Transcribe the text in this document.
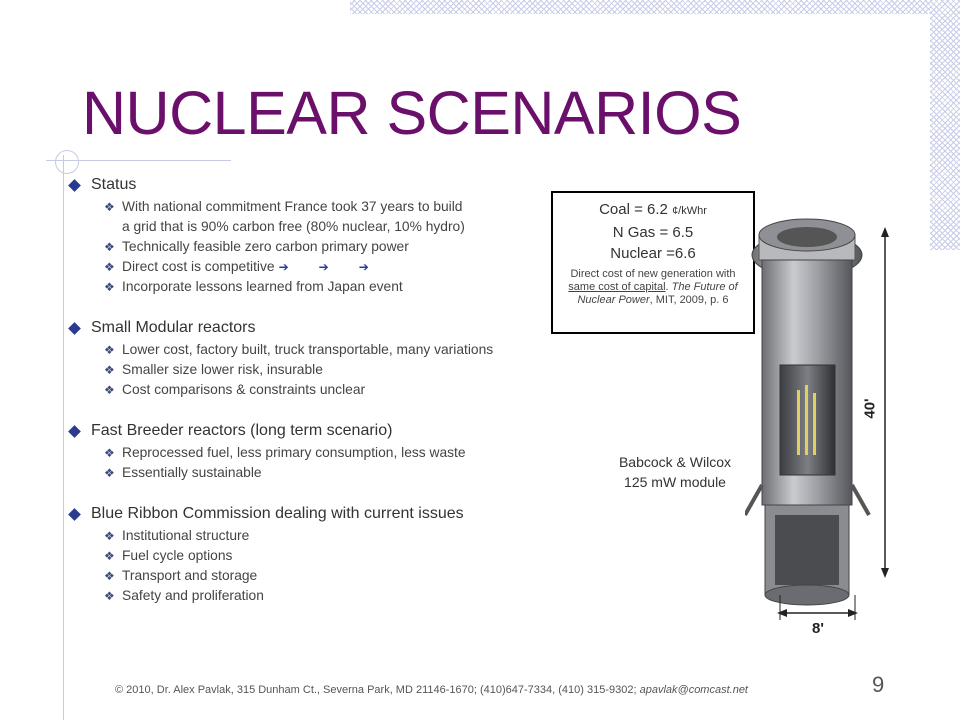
NUCLEAR SCENARIOS
Status
❖ With national commitment France took 37 years to build
a grid that is 90% carbon free (80% nuclear, 10% hydro)
❖ Technically feasible zero carbon primary power
❖ Direct cost is competitive ➔	➔	➔
❖ Incorporate lessons learned from Japan event
Small Modular reactors
❖ Lower cost, factory built, truck transportable, many variations
❖ Smaller size lower risk, insurable
❖ Cost comparisons & constraints unclear
Fast Breeder reactors (long term scenario)
❖ Reprocessed fuel, less primary consumption, less waste
❖ Essentially sustainable
Blue Ribbon Commission dealing with current issues
❖ Institutional structure
❖ Fuel cycle options
❖ Transport and storage
❖ Safety and proliferation
Coal = 6.2 ¢/kWhr
N Gas = 6.5
Nuclear =6.6
Direct cost of new generation with same cost of capital. The Future of Nuclear Power, MIT, 2009, p. 6
40'
8'
Babcock & Wilcox
125 mW module
© 2010, Dr. Alex Pavlak, 315 Dunham Ct., Severna Park, MD 21146-1670; (410)647-7334, (410) 315-9302; apavlak@comcast.net	9
